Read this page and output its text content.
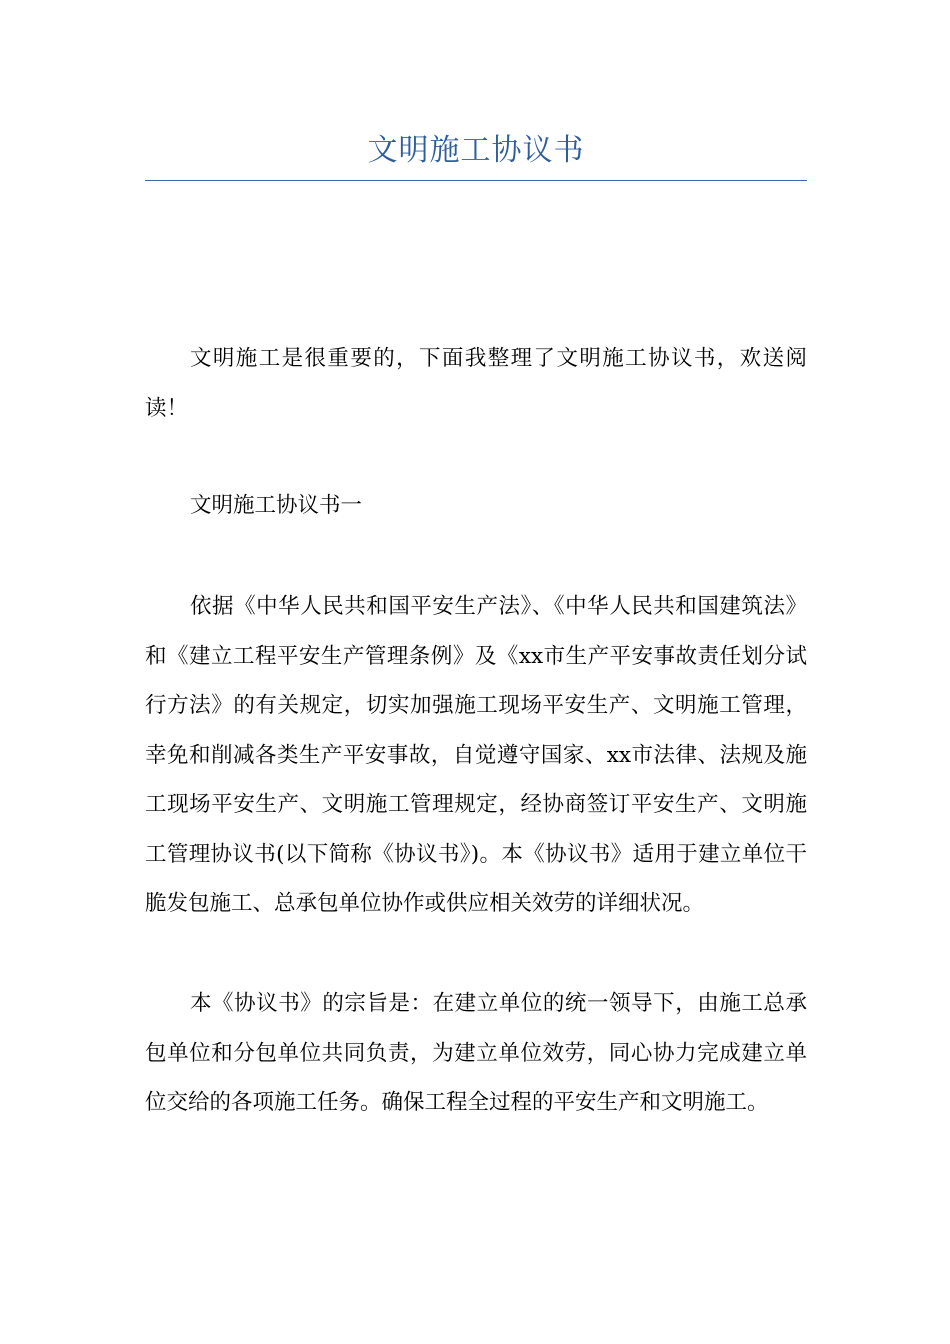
文明施工协议书

文明施工是很重要的，下面我整理了文明施工协议书，欢送阅读！

文明施工协议书一

依据《中华人民共和国平安生产法》、《中华人民共和国建筑法》和《建立工程平安生产管理条例》及《xx市生产平安事故责任划分试行方法》的有关规定，切实加强施工现场平安生产、文明施工管理，幸免和削减各类生产平安事故，自觉遵守国家、xx市法律、法规及施工现场平安生产、文明施工管理规定，经协商签订平安生产、文明施工管理协议书(以下简称《协议书》)。本《协议书》适用于建立单位干脆发包施工、总承包单位协作或供应相关效劳的详细状况。

本《协议书》的宗旨是：在建立单位的统一领导下，由施工总承包单位和分包单位共同负责，为建立单位效劳，同心协力完成建立单位交给的各项施工任务。确保工程全过程的平安生产和文明施工。
